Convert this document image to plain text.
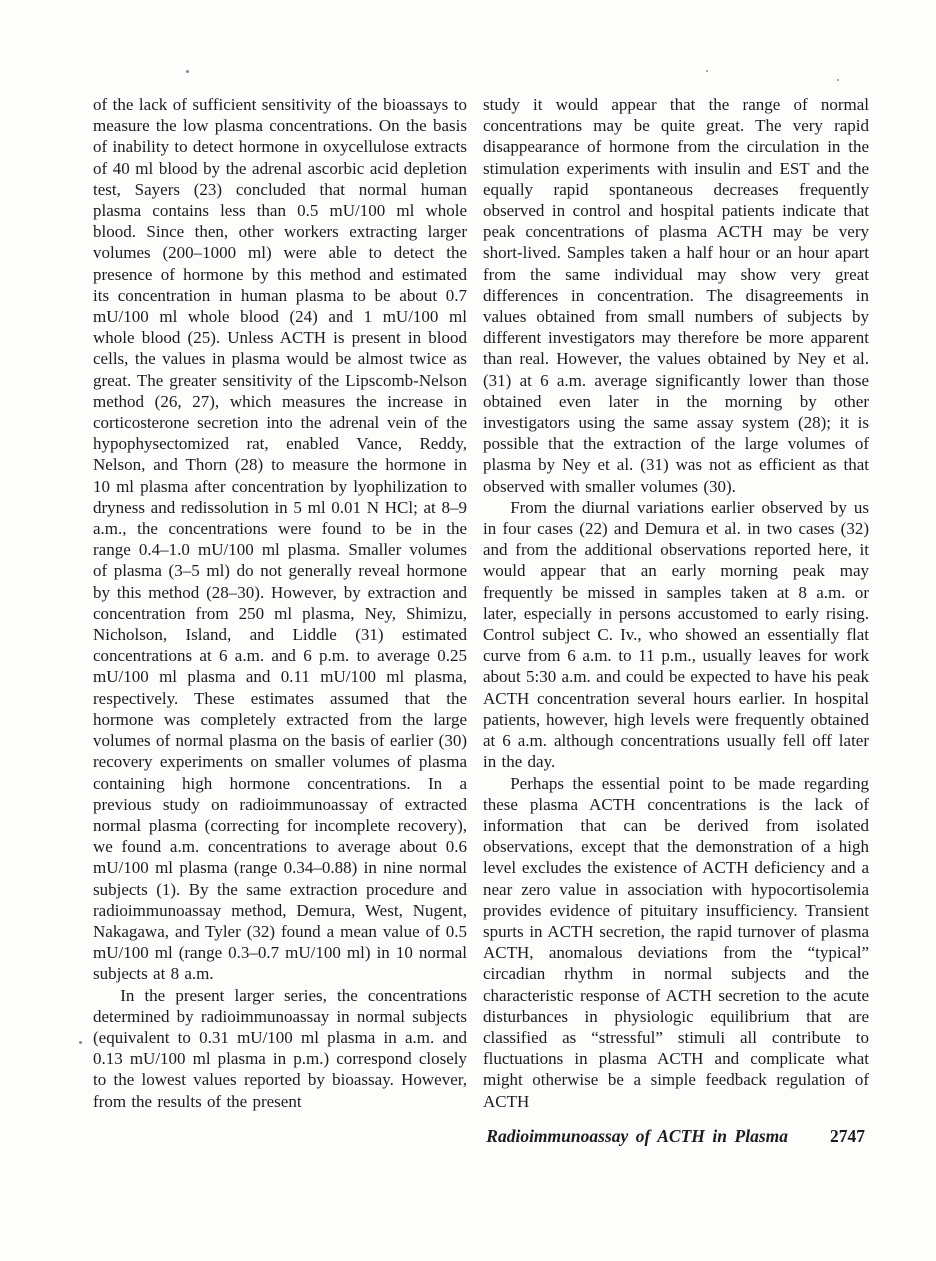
of the lack of sufficient sensitivity of the bioassays to measure the low plasma concentrations. On the basis of inability to detect hormone in oxycellulose extracts of 40 ml blood by the adrenal ascorbic acid depletion test, Sayers (23) concluded that normal human plasma contains less than 0.5 mU/100 ml whole blood. Since then, other workers extracting larger volumes (200–1000 ml) were able to detect the presence of hormone by this method and estimated its concentration in human plasma to be about 0.7 mU/100 ml whole blood (24) and 1 mU/100 ml whole blood (25). Unless ACTH is present in blood cells, the values in plasma would be almost twice as great. The greater sensitivity of the Lipscomb-Nelson method (26, 27), which measures the increase in corticosterone secretion into the adrenal vein of the hypophysectomized rat, enabled Vance, Reddy, Nelson, and Thorn (28) to measure the hormone in 10 ml plasma after concentration by lyophilization to dryness and redissolution in 5 ml 0.01 N HCl; at 8–9 a.m., the concentrations were found to be in the range 0.4–1.0 mU/100 ml plasma. Smaller volumes of plasma (3–5 ml) do not generally reveal hormone by this method (28–30). However, by extraction and concentration from 250 ml plasma, Ney, Shimizu, Nicholson, Island, and Liddle (31) estimated concentrations at 6 a.m. and 6 p.m. to average 0.25 mU/100 ml plasma and 0.11 mU/100 ml plasma, respectively. These estimates assumed that the hormone was completely extracted from the large volumes of normal plasma on the basis of earlier (30) recovery experiments on smaller volumes of plasma containing high hormone concentrations. In a previous study on radioimmunoassay of extracted normal plasma (correcting for incomplete recovery), we found a.m. concentrations to average about 0.6 mU/100 ml plasma (range 0.34–0.88) in nine normal subjects (1). By the same extraction procedure and radioimmunoassay method, Demura, West, Nugent, Nakagawa, and Tyler (32) found a mean value of 0.5 mU/100 ml (range 0.3–0.7 mU/100 ml) in 10 normal subjects at 8 a.m.

In the present larger series, the concentrations determined by radioimmunoassay in normal subjects (equivalent to 0.31 mU/100 ml plasma in a.m. and 0.13 mU/100 ml plasma in p.m.) correspond closely to the lowest values reported by bioassay. However, from the results of the present

study it would appear that the range of normal concentrations may be quite great. The very rapid disappearance of hormone from the circulation in the stimulation experiments with insulin and EST and the equally rapid spontaneous decreases frequently observed in control and hospital patients indicate that peak concentrations of plasma ACTH may be very short-lived. Samples taken a half hour or an hour apart from the same individual may show very great differences in concentration. The disagreements in values obtained from small numbers of subjects by different investigators may therefore be more apparent than real. However, the values obtained by Ney et al. (31) at 6 a.m. average significantly lower than those obtained even later in the morning by other investigators using the same assay system (28); it is possible that the extraction of the large volumes of plasma by Ney et al. (31) was not as efficient as that observed with smaller volumes (30).

From the diurnal variations earlier observed by us in four cases (22) and Demura et al. in two cases (32) and from the additional observations reported here, it would appear that an early morning peak may frequently be missed in samples taken at 8 a.m. or later, especially in persons accustomed to early rising. Control subject C. Iv., who showed an essentially flat curve from 6 a.m. to 11 p.m., usually leaves for work about 5:30 a.m. and could be expected to have his peak ACTH concentration several hours earlier. In hospital patients, however, high levels were frequently obtained at 6 a.m. although concentrations usually fell off later in the day.

Perhaps the essential point to be made regarding these plasma ACTH concentrations is the lack of information that can be derived from isolated observations, except that the demonstration of a high level excludes the existence of ACTH deficiency and a near zero value in association with hypocortisolemia provides evidence of pituitary insufficiency. Transient spurts in ACTH secretion, the rapid turnover of plasma ACTH, anomalous deviations from the “typical” circadian rhythm in normal subjects and the characteristic response of ACTH secretion to the acute disturbances in physiologic equilibrium that are classified as “stressful” stimuli all contribute to fluctuations in plasma ACTH and complicate what might otherwise be a simple feedback regulation of ACTH

Radioimmunoassay of ACTH in Plasma 2747
